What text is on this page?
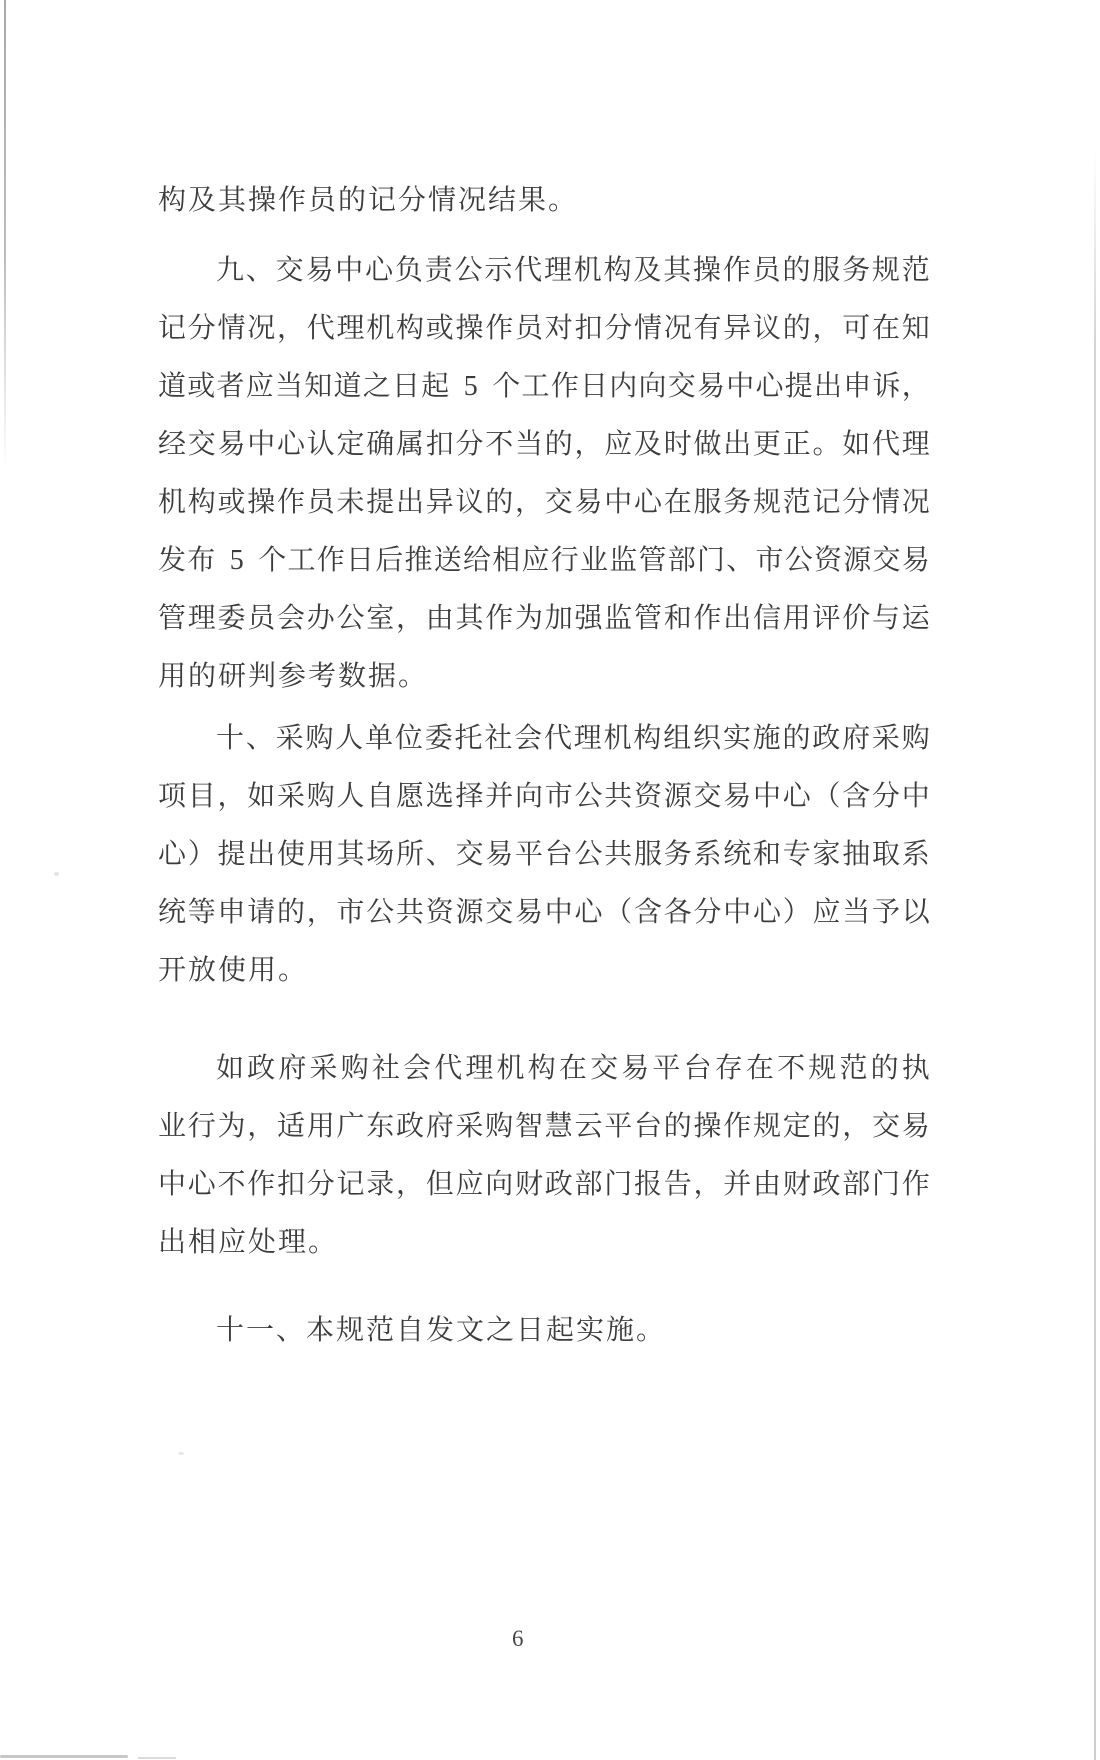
构及其操作员的记分情况结果。
九 、 交 易 中 心 负 责 公 示 代 理 机 构 及 其 操 作 员 的 服 务 规 范
记 分 情 况 ， 代 理 机 构 或 操 作 员 对 扣 分 情 况 有 异 议 的 ， 可 在 知
道 或 者 应 当 知 道 之 日 起
5
个 工 作 日 内 向 交 易 中 心 提 出 申 诉 ，
经 交 易 中 心 认 定 确 属 扣 分 不 当 的 ， 应 及 时 做 出 更 正 。 如 代 理
机 构 或 操 作 员 未 提 出 异 议 的 ， 交 易 中 心 在 服 务 规 范 记 分 情 况
发 布
5
个 工 作 日 后 推 送 给 相 应 行 业 监 管 部 门 、 市 公 资 源 交 易
管 理 委 员 会 办 公 室 ， 由 其 作 为 加 强 监 管 和 作 出 信 用 评 价 与 运
用的研判参考数据。
十 、 采 购 人 单 位 委 托 社 会 代 理 机 构 组 织 实 施 的 政 府 采 购
项 目 ， 如 采 购 人 自 愿 选 择 并 向 市 公 共 资 源 交 易 中 心 （ 含 分 中
心 ） 提 出 使 用 其 场 所 、 交 易 平 台 公 共 服 务 系 统 和 专 家 抽 取 系
统 等 申 请 的 ， 市 公 共 资 源 交 易 中 心 （ 含 各 分 中 心 ） 应 当 予 以
开放使用。
如 政 府 采 购 社 会 代 理 机 构 在 交 易 平 台 存 在 不 规 范 的 执
业 行 为 ， 适 用 广 东 政 府 采 购 智 慧 云 平 台 的 操 作 规 定 的 ， 交 易
中 心 不 作 扣 分 记 录 ， 但 应 向 财 政 部 门 报 告 ， 并 由 财 政 部 门 作
出相应处理。
十一、本规范自发文之日起实施。
6
